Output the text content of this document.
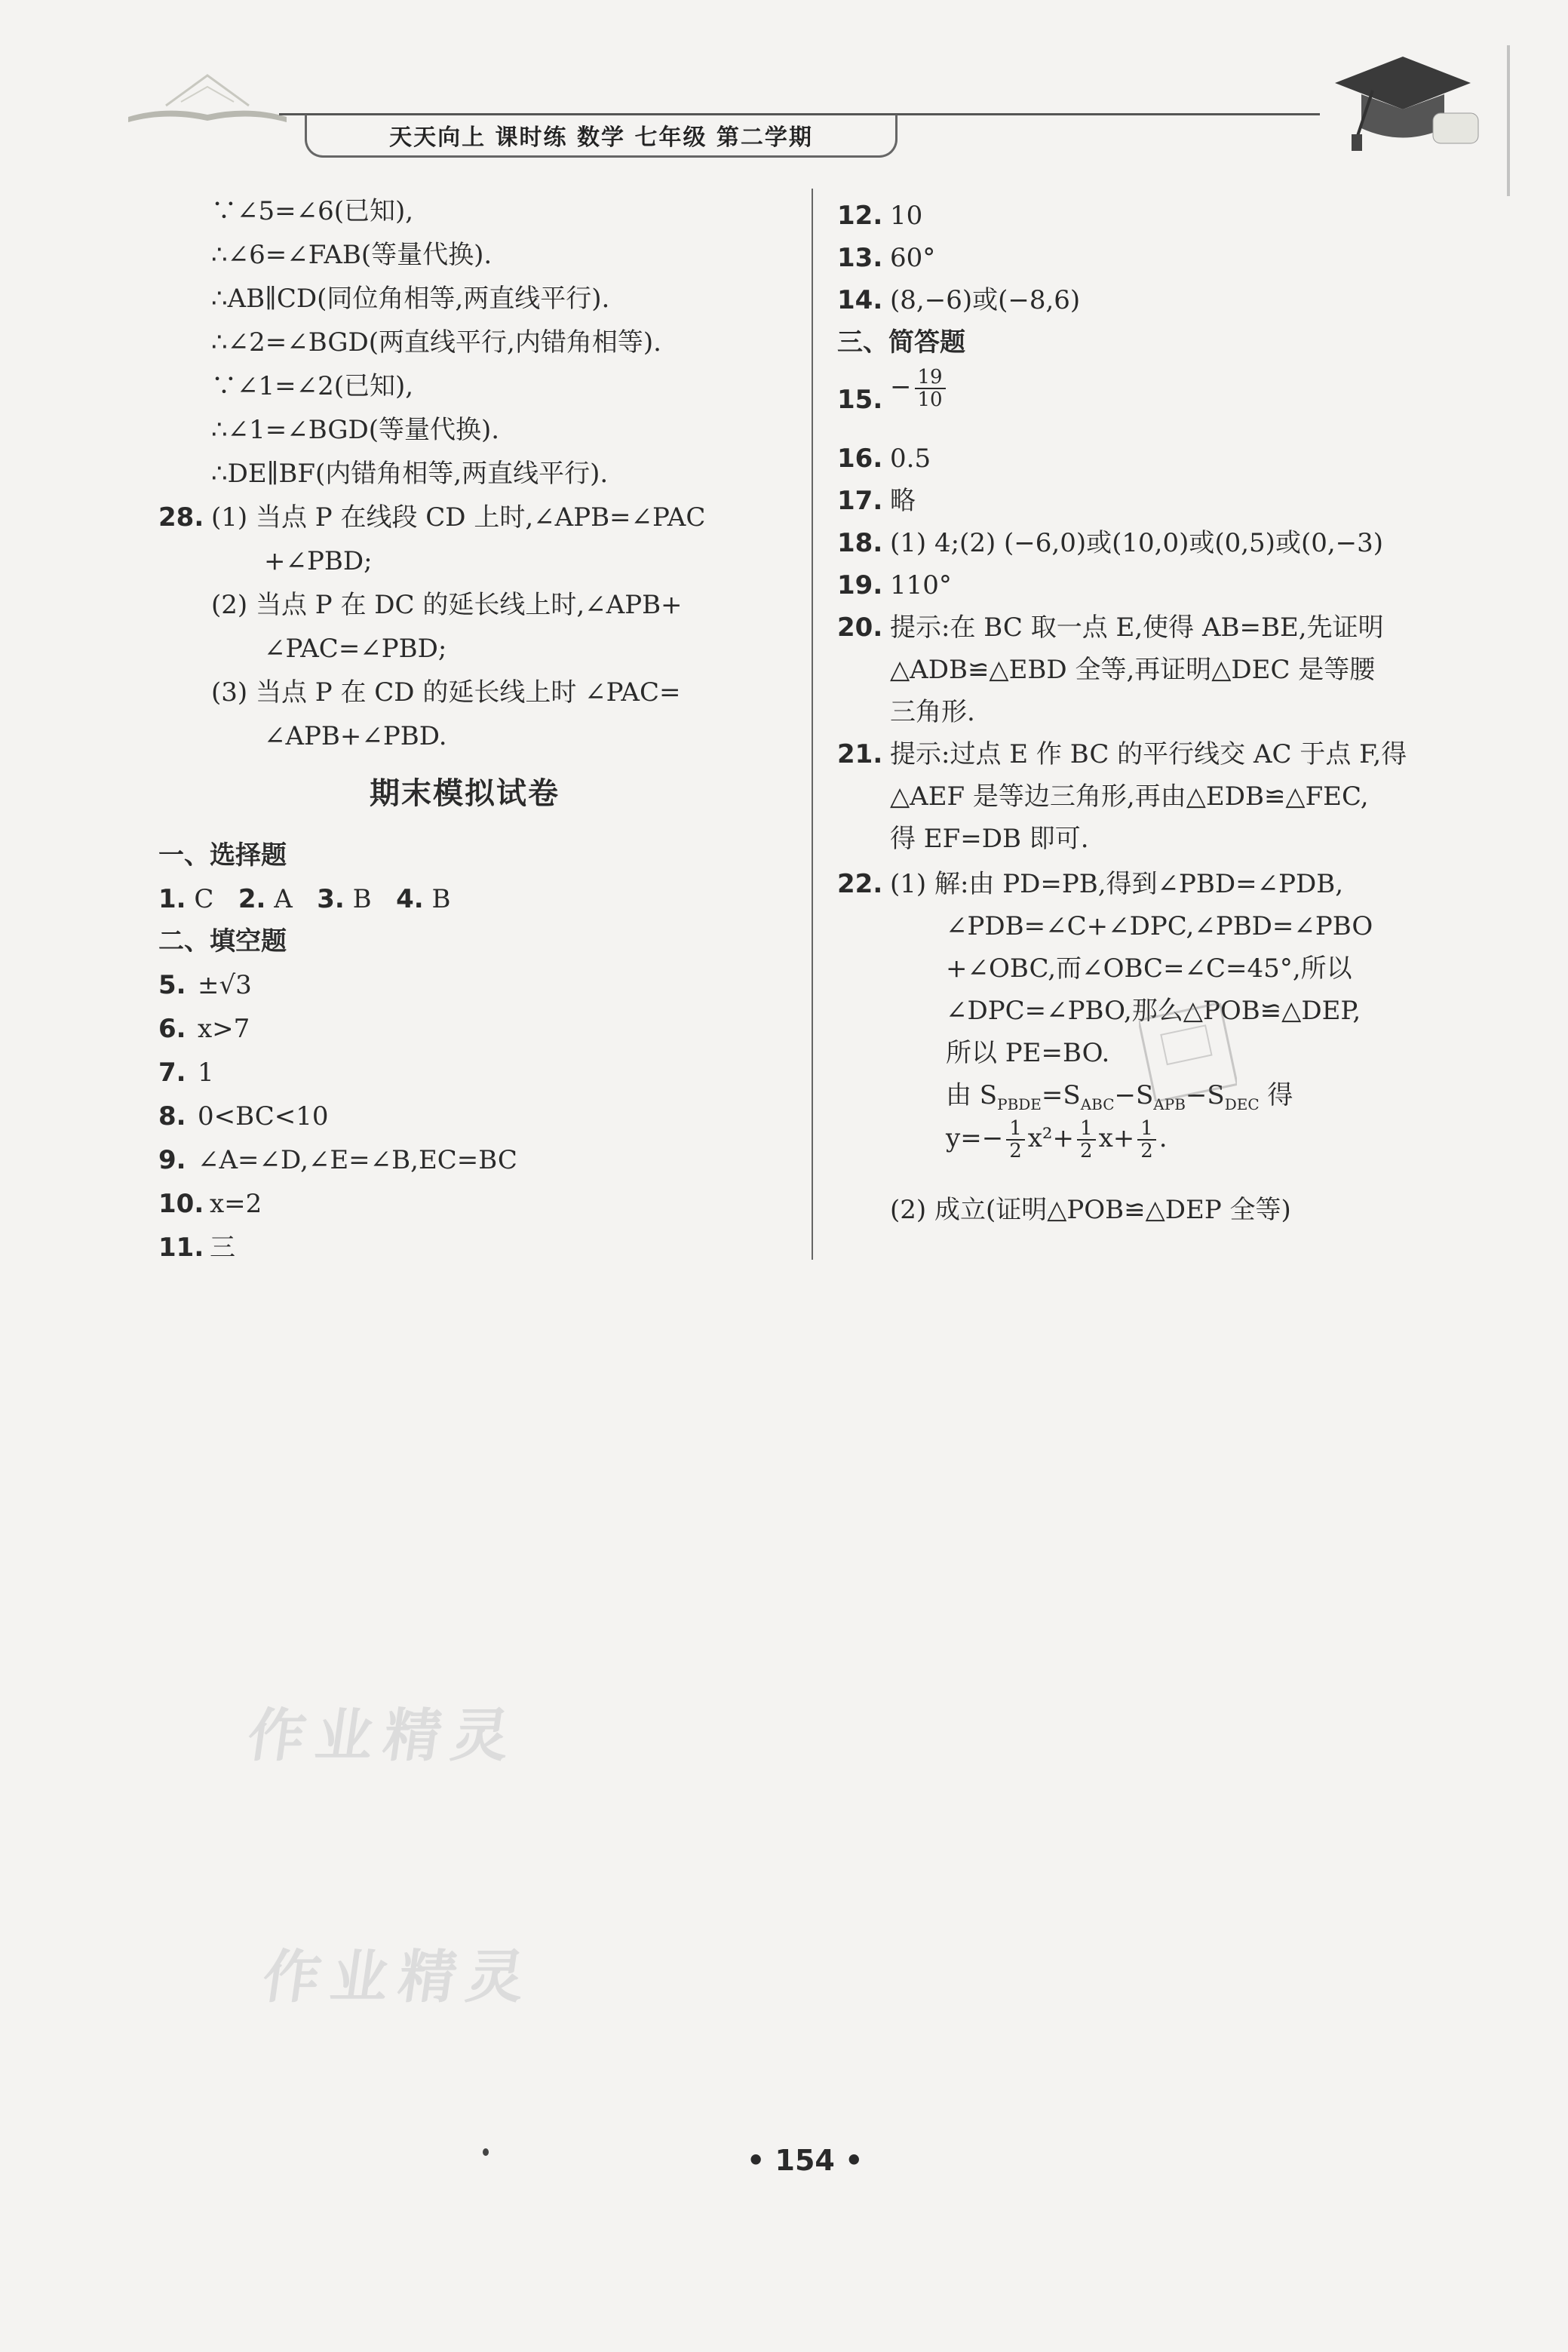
天天向上 课时练 数学 七年级 第二学期
∵∠5=∠6(已知),
∴∠6=∠FAB(等量代换).
∴AB∥CD(同位角相等,两直线平行).
∴∠2=∠BGD(两直线平行,内错角相等).
∵∠1=∠2(已知),
∴∠1=∠BGD(等量代换).
∴DE∥BF(内错角相等,两直线平行).
28. (1) 当点 P 在线段 CD 上时,∠APB=∠PAC
+∠PBD;
(2) 当点 P 在 DC 的延长线上时,∠APB+
∠PAC=∠PBD;
(3) 当点 P 在 CD 的延长线上时 ∠PAC=
∠APB+∠PBD.
期末模拟试卷
一、选择题
1. C 2. A 3. B 4. B
二、填空题
5. ±√3
6. x>7
7. 1
8. 0<BC<10
9. ∠A=∠D,∠E=∠B,EC=BC
10. x=2
11. 三
12. 10
13. 60°
14. (8,−6)或(−8,6)
三、简答题
15. − $\frac{19}{10}$
16. 0.5
17. 略
18. (1) 4;(2) (−6,0)或(10,0)或(0,5)或(0,−3)
19. 110°
20. 提示:在 BC 取一点 E,使得 AB=BE,先证明
△ADB≌△EBD 全等,再证明△DEC 是等腰
三角形.
21. 提示:过点 E 作 BC 的平行线交 AC 于点 F,得
△AEF 是等边三角形,再由△EDB≌△FEC,
得 EF=DB 即可.
22. (1) 解:由 PD=PB,得到∠PBD=∠PDB,
∠PDB=∠C+∠DPC,∠PBD=∠PBO
+∠OBC,而∠OBC=∠C=45°,所以
∠DPC=∠PBO,那么△POB≌△DEP,
所以 PE=BO.
由 $S_{PBDE}=S_{ABC}-S_{APB}-S_{DEC}$ 得
$y=- \frac{1}{2} x^2+ \frac{1}{2} x+ \frac{1}{2}$ .
(2) 成立(证明△POB≌△DEP 全等)
作业精灵
作业精灵
• 154 •
